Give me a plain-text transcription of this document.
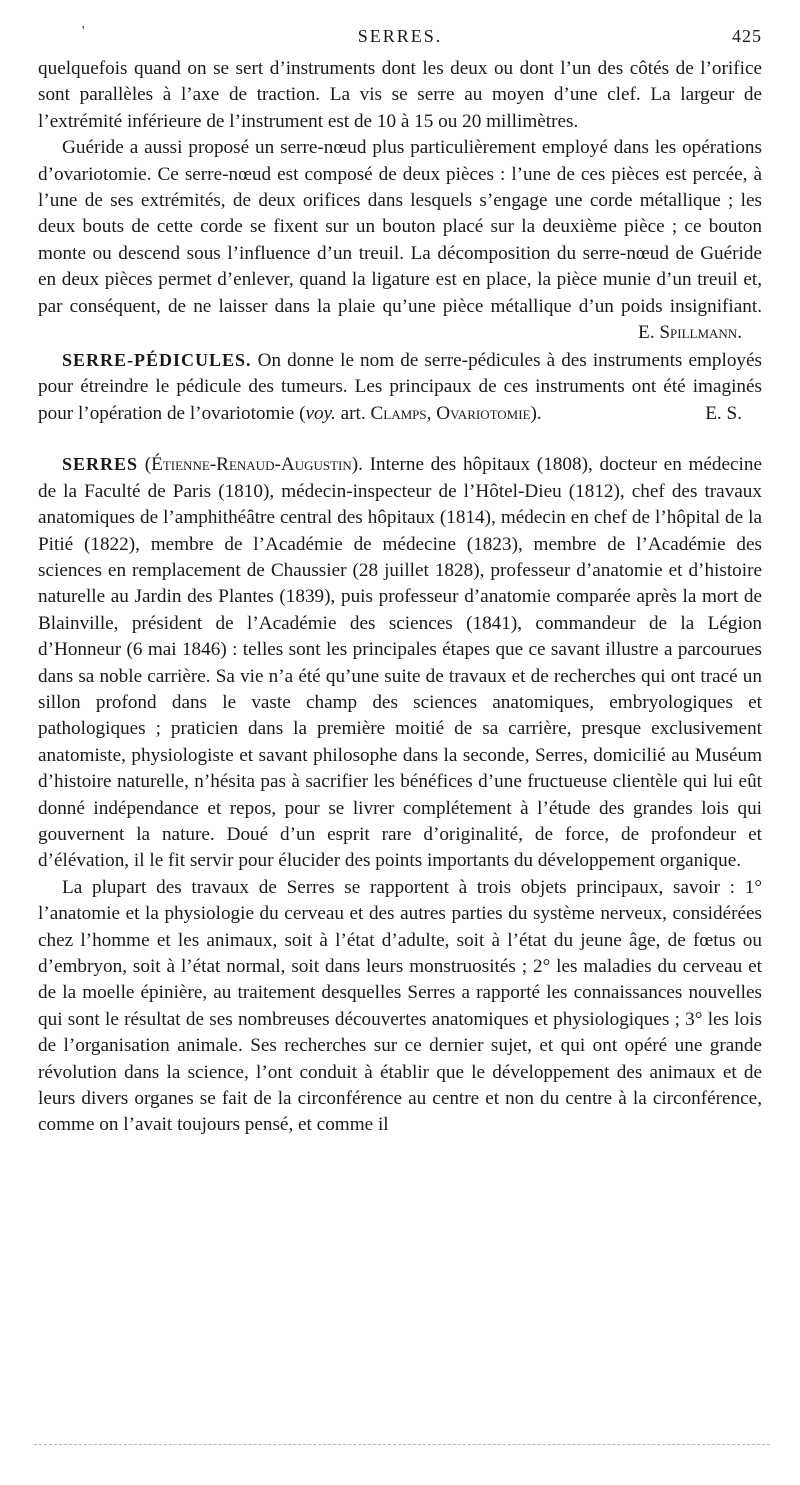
'	SERRES.	425

quelquefois quand on se sert d’instruments dont les deux ou dont l’un des côtés de l’orifice sont parallèles à l’axe de traction. La vis se serre au moyen d’une clef. La largeur de l’extrémité inférieure de l’instrument est de 10 à 15 ou 20 millimètres.

Guéride a aussi proposé un serre-nœud plus particulièrement employé dans les opérations d’ovariotomie. Ce serre-nœud est composé de deux pièces : l’une de ces pièces est percée, à l’une de ses extrémités, de deux orifices dans lesquels s’engage une corde métallique ; les deux bouts de cette corde se fixent sur un bouton placé sur la deuxième pièce ; ce bouton monte ou descend sous l’influence d’un treuil. La décomposition du serre-nœud de Guéride en deux pièces permet d’enlever, quand la ligature est en place, la pièce munie d’un treuil et, par conséquent, de ne laisser dans la plaie qu’une pièce métallique d’un poids insignifiant.
E. Spillmann.

SERRE-PÉDICULES. On donne le nom de serre-pédicules à des instruments employés pour étreindre le pédicule des tumeurs. Les principaux de ces instruments ont été imaginés pour l’opération de l’ovariotomie (voy. art. Clamps, Ovariotomie).	E. S.

SERRES (Étienne-Renaud-Augustin). Interne des hôpitaux (1808), docteur en médecine de la Faculté de Paris (1810), médecin-inspecteur de l’Hôtel-Dieu (1812), chef des travaux anatomiques de l’amphithéâtre central des hôpitaux (1814), médecin en chef de l’hôpital de la Pitié (1822), membre de l’Académie de médecine (1823), membre de l’Académie des sciences en remplacement de Chaussier (28 juillet 1828), professeur d’anatomie et d’histoire naturelle au Jardin des Plantes (1839), puis professeur d’anatomie comparée après la mort de Blainville, président de l’Académie des sciences (1841), commandeur de la Légion d’Honneur (6 mai 1846) : telles sont les principales étapes que ce savant illustre a parcourues dans sa noble carrière. Sa vie n’a été qu’une suite de travaux et de recherches qui ont tracé un sillon profond dans le vaste champ des sciences anatomiques, embryologiques et pathologiques ; praticien dans la première moitié de sa carrière, presque exclusivement anatomiste, physiologiste et savant philosophe dans la seconde, Serres, domicilié au Muséum d’histoire naturelle, n’hésita pas à sacrifier les bénéfices d’une fructueuse clientèle qui lui eût donné indépendance et repos, pour se livrer complétement à l’étude des grandes lois qui gouvernent la nature. Doué d’un esprit rare d’originalité, de force, de profondeur et d’élévation, il le fit servir pour élucider des points importants du développement organique.

La plupart des travaux de Serres se rapportent à trois objets principaux, savoir : 1° l’anatomie et la physiologie du cerveau et des autres parties du système nerveux, considérées chez l’homme et les animaux, soit à l’état d’adulte, soit à l’état du jeune âge, de fœtus ou d’embryon, soit à l’état normal, soit dans leurs monstruosités ; 2° les maladies du cerveau et de la moelle épinière, au traitement desquelles Serres a rapporté les connaissances nouvelles qui sont le résultat de ses nombreuses découvertes anatomiques et physiologiques ; 3° les lois de l’organisation animale. Ses recherches sur ce dernier sujet, et qui ont opéré une grande révolution dans la science, l’ont conduit à établir que le développement des animaux et de leurs divers organes se fait de la circonférence au centre et non du centre à la circonférence, comme on l’avait toujours pensé, et comme il
